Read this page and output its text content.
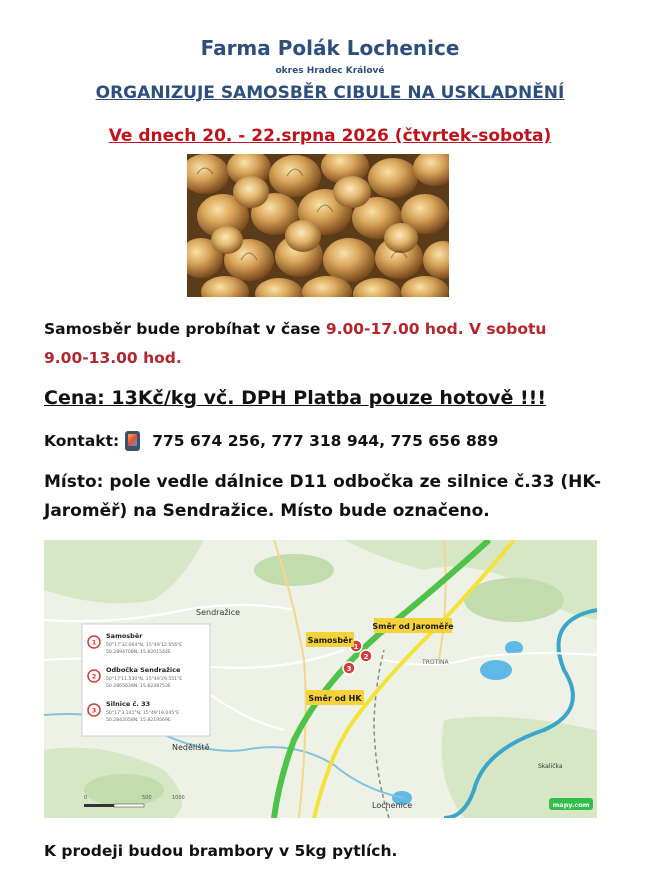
Farma Polák Lochenice
okres Hradec Králové
ORGANIZUJE SAMOSBĚR CIBULE NA USKLADNĚNÍ
Ve dnech 20. - 22.srpna 2026 (čtvrtek-sobota)
Samosběr bude probíhat v čase 9.00-17.00 hod. V sobotu
9.00-13.00 hod.
Cena: 13Kč/kg vč. DPH Platba pouze hotově !!!
Kontakt: 775 674 256, 777 318 944, 775 656 889
Místo: pole vedle dálnice D11 odbočka ze silnice č.33 (HK-Jaroměř) na Sendražice. Místo bude označeno.
1
2
3
Samosběr
Směr od Jaroměře
Směr od HK
Sendražice
Neděliště
Lochenice
TROTINA
Skalička
1
Samosběr
50°17'32.064"N, 15°49'12.556"E
50.2894708N, 15.8201544E
2
Odbočka Sendražice
50°17'11.530"N, 15°49'29.551"E
50.2865639N, 15.8248753E
3
Silnice č. 33
50°17'3.141"N, 15°49'19.045"E
50.2842058N, 15.8219569E
0	500	1000
mapy.com
K prodeji budou brambory v 5kg pytlích.
